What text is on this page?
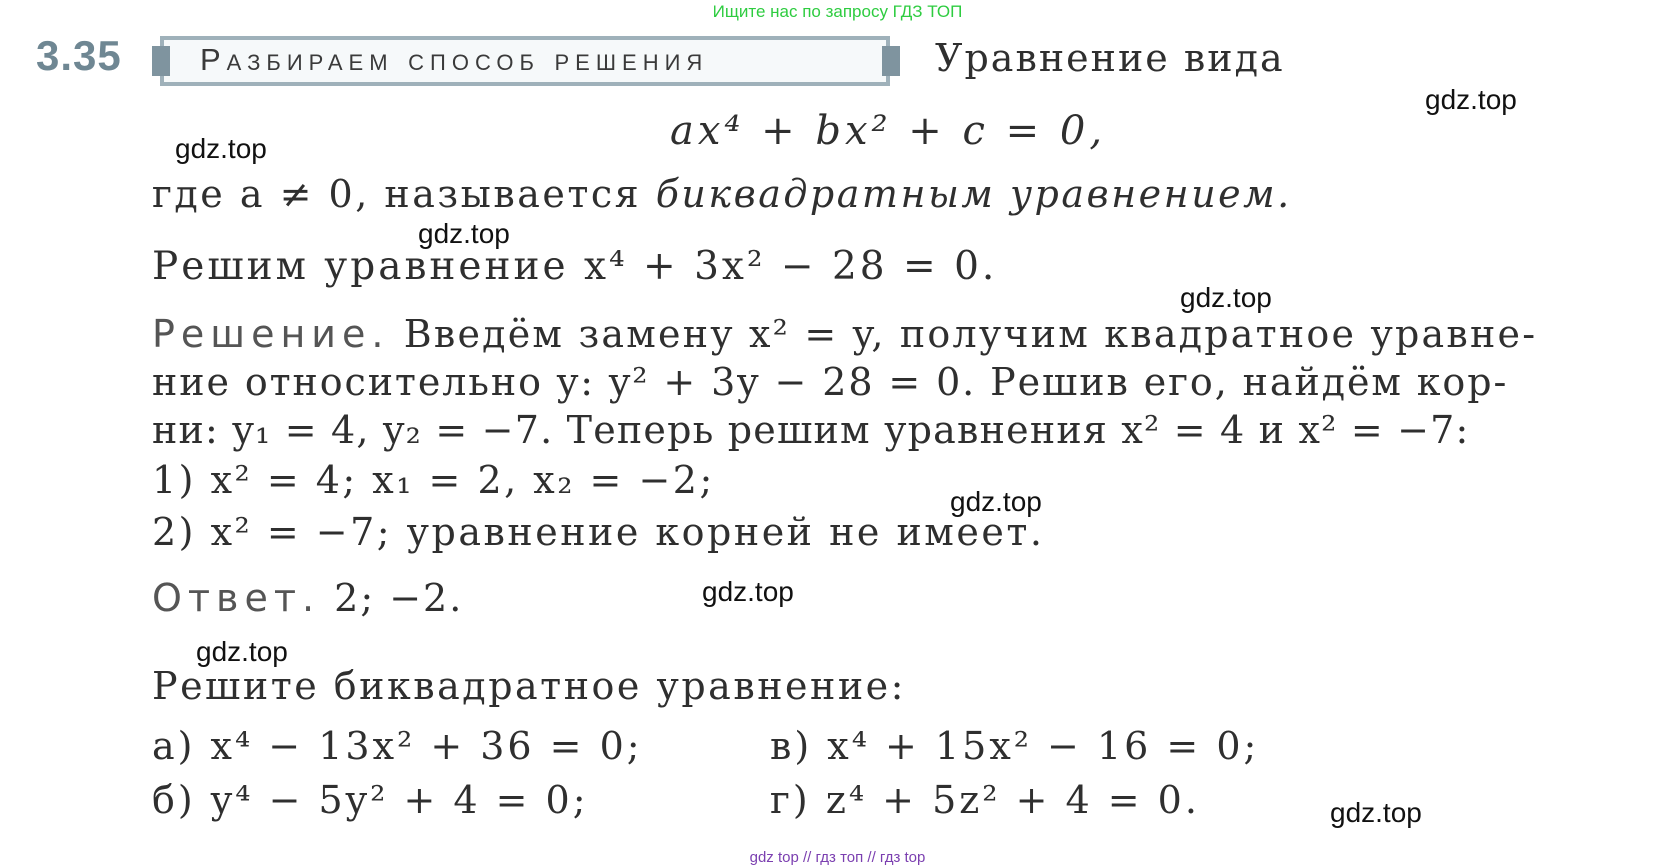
Ищите нас по запросу ГДЗ ТОП
3.35	Разбираем способ решения	Уравнение вида
ax⁴ + bx² + c = 0,
где a ≠ 0, называется биквадратным уравнением.
Решим уравнение x⁴ + 3x² − 28 = 0.
Решение. Введём замену x² = y, получим квадратное уравне-
ние относительно y: y² + 3y − 28 = 0. Решив его, найдём кор-
ни: y₁ = 4, y₂ = −7. Теперь решим уравнения x² = 4 и x² = −7:
1) x² = 4; x₁ = 2, x₂ = −2;
2) x² = −7; уравнение корней не имеет.
Ответ. 2; −2.
Решите биквадратное уравнение:
а) x⁴ − 13x² + 36 = 0;
б) y⁴ − 5y² + 4 = 0;
в) x⁴ + 15x² − 16 = 0;
г) z⁴ + 5z² + 4 = 0.
gdz.top
gdz.top
gdz.top
gdz.top
gdz.top
gdz.top
gdz.top
gdz.top
gdz top // гдз топ // гдз top
